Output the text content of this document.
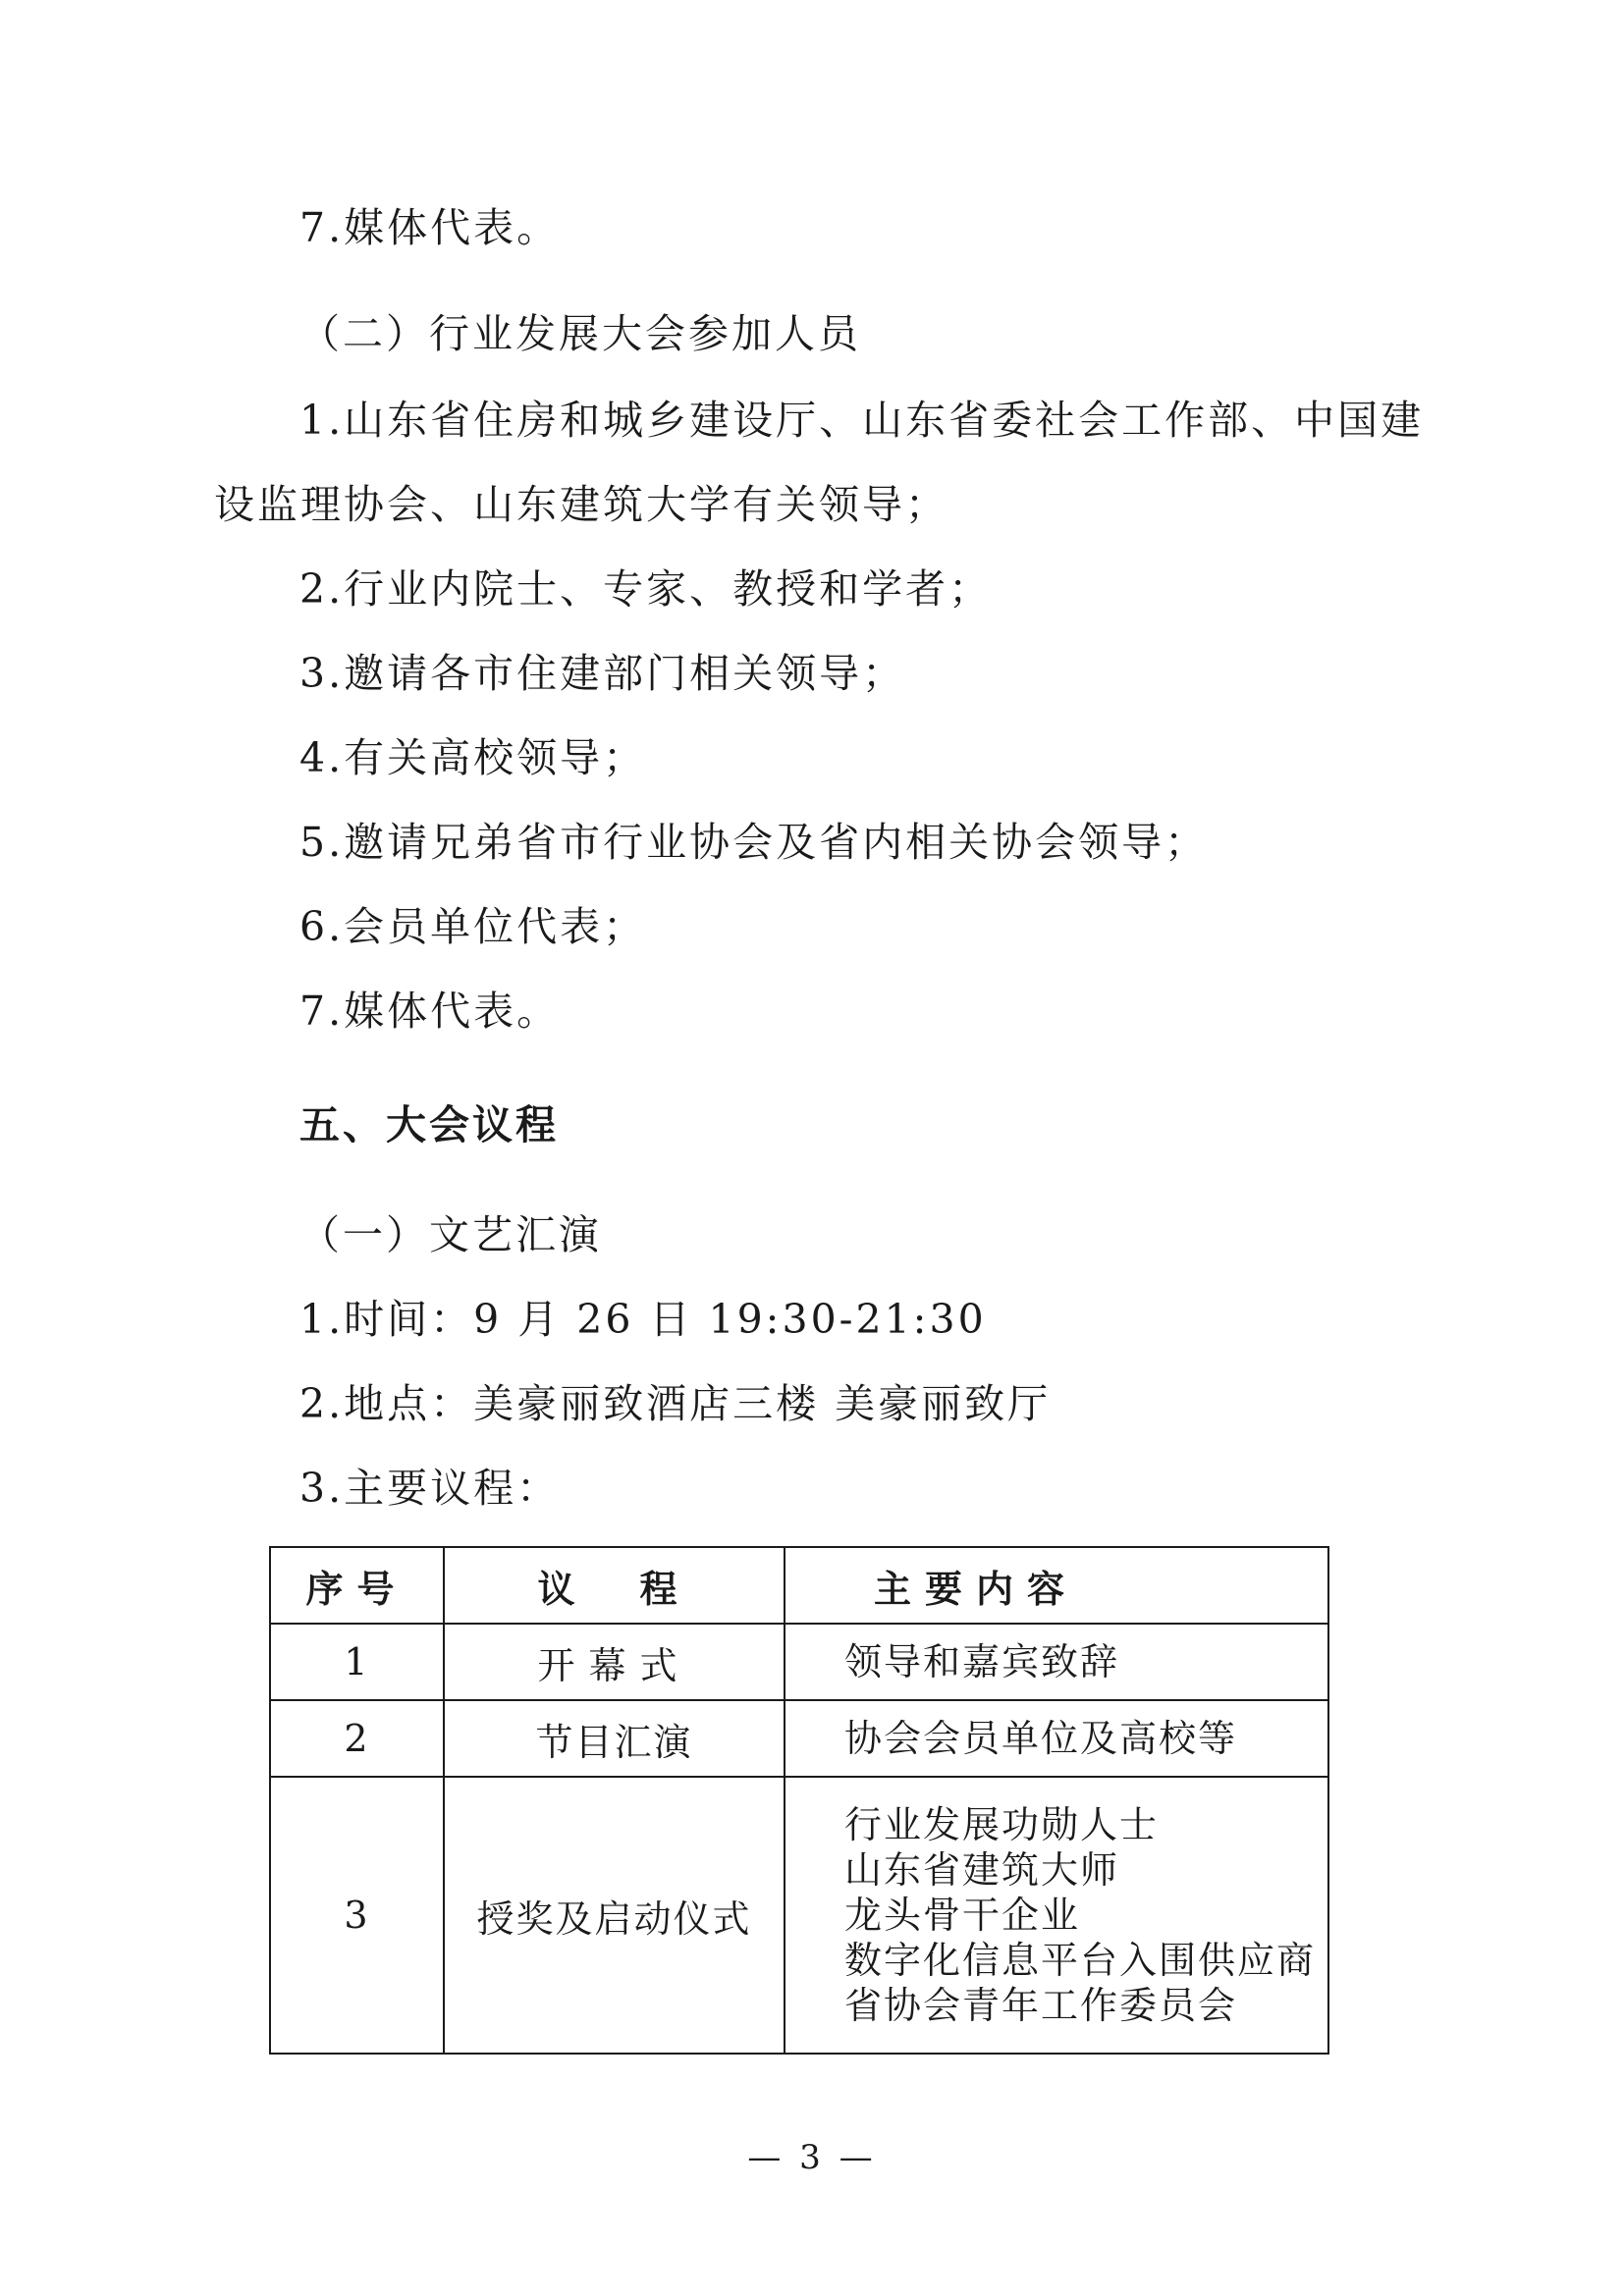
7.媒体代表。
（二）行业发展大会参加人员
1.山东省住房和城乡建设厅、山东省委社会工作部、中国建
设监理协会、山东建筑大学有关领导；
2.行业内院士、专家、教授和学者；
3.邀请各市住建部门相关领导；
4.有关高校领导；
5.邀请兄弟省市行业协会及省内相关协会领导；
6.会员单位代表；
7.媒体代表。
五、大会议程
（一）文艺汇演
1.时间：9 月 26 日 19:30-21:30
2.地点：美豪丽致酒店三楼 美豪丽致厅
3.主要议程：
序号	议　程	主要内容
1	开幕式	领导和嘉宾致辞

2	节目汇演	协会会员单位及高校等

3	授奖及启动仪式	行业发展功勋人士
山东省建筑大师
龙头骨干企业
数字化信息平台入围供应商
省协会青年工作委员会
— 3 —
